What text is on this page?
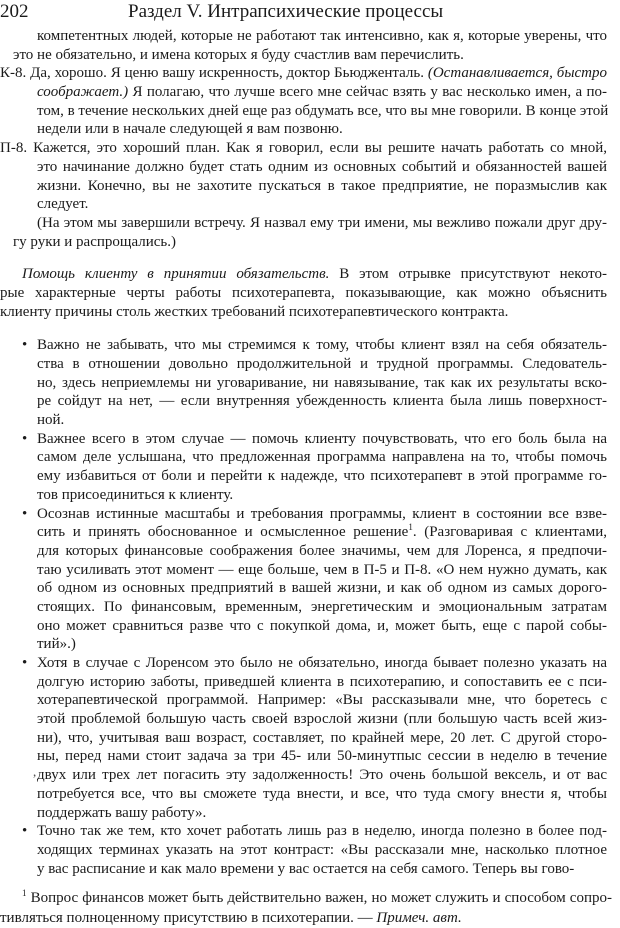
202	Раздел V. Интрапсихические процессы
компетентных людей, которые не работают так интенсивно, как я, которые уверены, что
это не обязательно, и имена которых я буду счастлив вам перечислить.
К-8. Да, хорошо. Я ценю вашу искренность, доктор Бьюдженталь. (Останавливается, быстро
соображает.) Я полагаю, что лучше всего мне сейчас взять у вас несколько имен, а по-
том, в течение нескольких дней еще раз обдумать все, что вы мне говорили. В конце этой
недели или в начале следующей я вам позвоню.
П-8. Кажется, это хороший план. Как я говорил, если вы решите начать работать со мной,
это начинание должно будет стать одним из основных событий и обязанностей вашей
жизни. Конечно, вы не захотите пускаться в такое предприятие, не поразмыслив как
следует.
(На этом мы завершили встречу. Я назвал ему три имени, мы вежливо пожали друг дру-
гу руки и распрощались.)
Помощь клиенту в принятии обязательств. В этом отрывке присутствуют некото-
рые характерные черты работы психотерапевта, показывающие, как можно объяснить
клиенту причины столь жестких требований психотерапевтического контракта.
• Важно не забывать, что мы стремимся к тому, чтобы клиент взял на себя обязатель-
ства в отношении довольно продолжительной и трудной программы. Следователь-
но, здесь неприемлемы ни уговаривание, ни навязывание, так как их результаты вско-
ре сойдут на нет, — если внутренняя убежденность клиента была лишь поверхност-
ной.
• Важнее всего в этом случае — помочь клиенту почувствовать, что его боль была на
самом деле услышана, что предложенная программа направлена на то, чтобы помочь
ему избавиться от боли и перейти к надежде, что психотерапевт в этой программе го-
тов присоединиться к клиенту.
• Осознав истинные масштабы и требования программы, клиент в состоянии все взве-
сить и принять обоснованное и осмысленное решение$^1$. (Разговаривая с клиентами,
для которых финансовые соображения более значимы, чем для Лоренса, я предпочи-
таю усиливать этот момент — еще больше, чем в П-5 и П-8. «О нем нужно думать, как
об одном из основных предприятий в вашей жизни, и как об одном из самых дорого-
стоящих. По финансовым, временным, энергетическим и эмоциональным затратам
оно может сравниться разве что с покупкой дома, и, может быть, еще с парой собы-
тий».)
• Хотя в случае с Лоренсом это было не обязательно, иногда бывает полезно указать на
долгую историю заботы, приведшей клиента в психотерапию, и сопоставить ее с пси-
хотерапевтической программой. Например: «Вы рассказывали мне, что боретесь с
этой проблемой большую часть своей взрослой жизни (пли большую часть всей жиз-
ни), что, учитывая ваш возраст, составляет, по крайней мере, 20 лет. С другой сторо-
ны, перед нами стоит задача за три 45- или 50-минутпыс сессии в неделю в течение
двух или трех лет погасить эту задолженность! Это очень большой вексель, и от вас
потребуется все, что вы сможете туда внести, и все, что туда смогу внести я, чтобы
поддержать вашу работу».
• Точно так же тем, кто хочет работать лишь раз в неделю, иногда полезно в более под-
ходящих терминах указать на этот контраст: «Вы рассказали мне, насколько плотное
у вас расписание и как мало времени у вас остается на себя самого. Теперь вы гово-
$^1$ Вопрос финансов может быть действительно важен, но может служить и способом сопро-
тивляться полноценному присутствию в психотерапии. — Примеч. авт.
,
